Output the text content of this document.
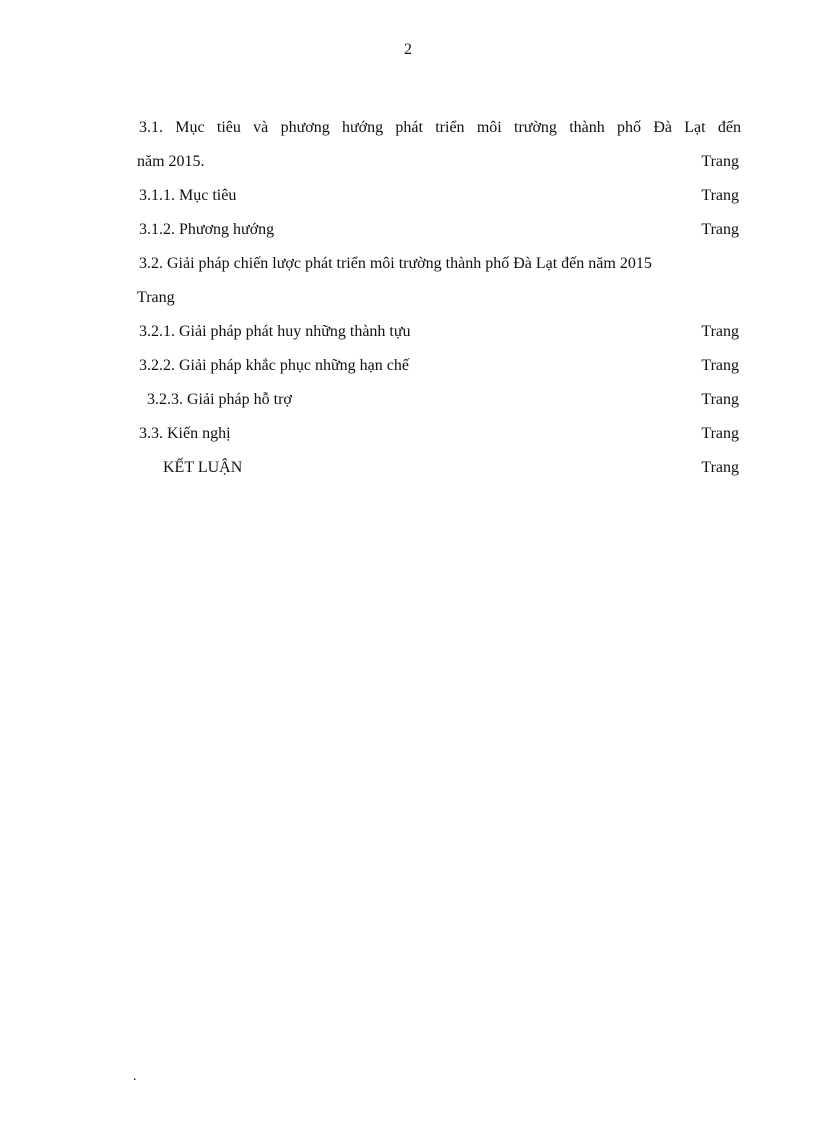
2
3.1. Mục tiêu và phương hướng phát triển môi trường thành phố Đà Lạt đến
năm 2015.	Trang
3.1.1. Mục tiêu	Trang
3.1.2. Phương hướng	Trang
3.2. Giải pháp chiến lược phát triển môi trường thành phố Đà Lạt đến năm 2015
Trang
3.2.1. Giải pháp phát huy những thành tựu	Trang
3.2.2. Giải pháp khắc phục những hạn chế	Trang
3.2.3. Giải pháp hỗ trợ	Trang
3.3. Kiến nghị	Trang
KẾT LUẬN	Trang
.
